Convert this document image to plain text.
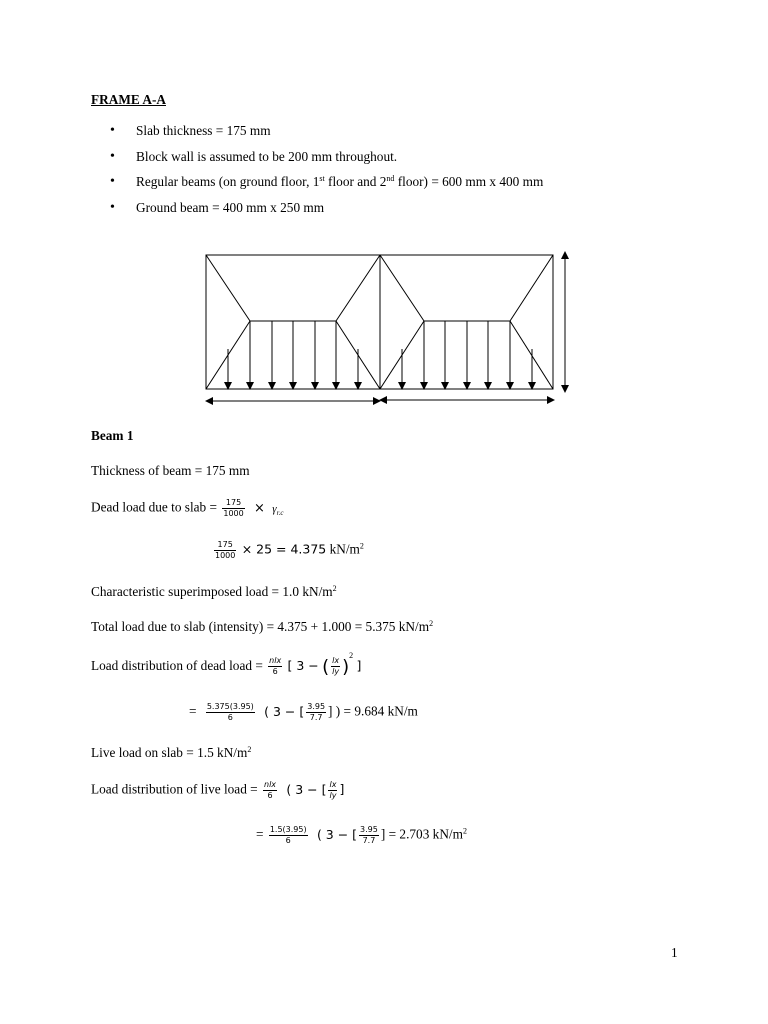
FRAME A-A
• Slab thickness = 175 mm
• Block wall is assumed to be 200 mm throughout.
• Regular beams (on ground floor, 1st floor and 2nd floor) = 600 mm x 400 mm
• Ground beam = 400 mm x 250 mm
Beam 1
Thickness of beam = 175 mm
Dead load due to slab = $\frac{175}{1000} \times \gamma_{r.c}$
$\frac{175}{1000} \times 25 = 4.375$ $kN/m^2$
Characteristic superimposed load = 1.0 $kN/m^2$
Total load due to slab (intensity) = 4.375 + 1.000 = 5.375 $kN/m^2$
Load distribution of dead load = $\frac{\text{nlx}}{6}$ [ 3 − ( $\frac{lx}{ly} )^2$ ]
= $\frac{5.375(3.95)}{6}$ ( 3 − [ $\frac{3.95}{7.7}$ ] ) = 9.684 kN/m
Live load on slab = 1.5 $kN/m^2$
Load distribution of live load = $\frac{\text{nlx}}{6}$ ( 3 − [ $\frac{lx}{ly}$ ]
= $\frac{1.5(3.95)}{6}$ ( 3 − [ $\frac{3.95}{7.7}$ ] = 2.703 $kN/m^2$
1
